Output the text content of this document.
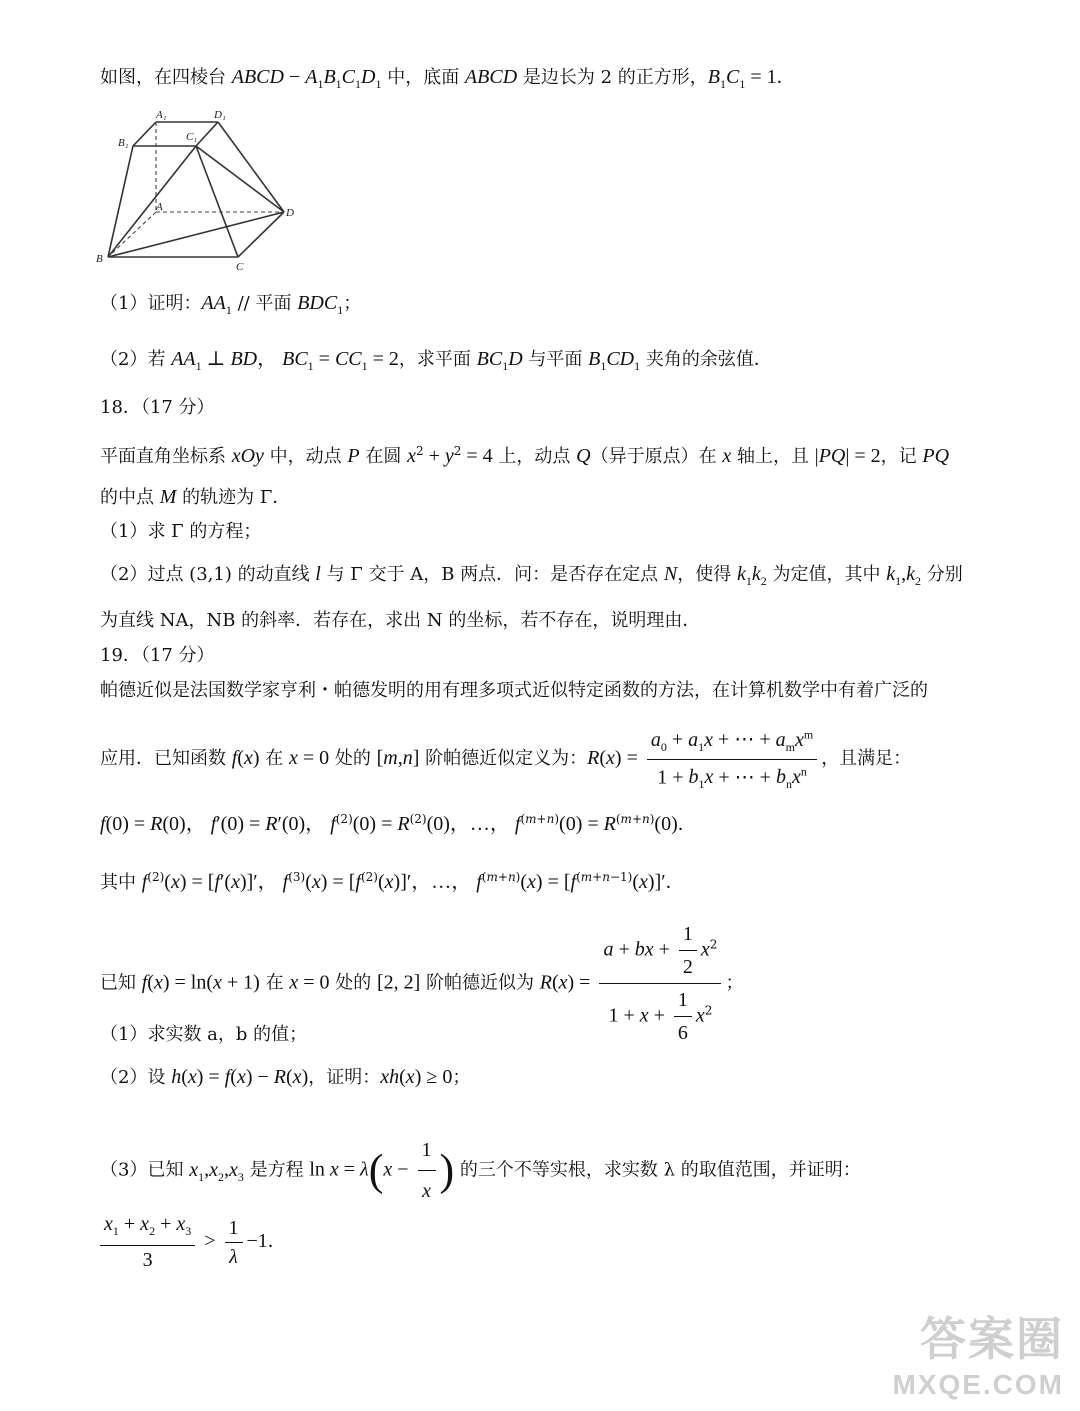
如图，在四棱台 ABCD − $A_1B_1C_1D_1$ 中，底面 ABCD 是边长为 2 的正方形，$B_1C_1 = 1$．
A₁	D₁
B₁	C₁
A
B
C
D
（1）证明：$AA_1$ // 平面 $BDC_1$；
（2）若 $AA_1$ ⊥ BD， $BC_1 = CC_1 = 2$，求平面 $BC_1D$ 与平面 $B_1CD_1$ 夹角的余弦值．
18．（17 分）
平面直角坐标系 xOy 中，动点 P 在圆 $x^2 + y^2 = 4$ 上，动点 Q（异于原点）在 x 轴上，且 |PQ| = 2，记 PQ
的中点 M 的轨迹为 Γ．
（1）求 Γ 的方程；
（2）过点 (3,1) 的动直线 l 与 Γ 交于 A，B 两点．问：是否存在定点 N，使得 $k_1k_2$ 为定值，其中 $k_1,k_2$ 分别
为直线 NA，NB 的斜率．若存在，求出 N 的坐标，若不存在，说明理由．
19．（17 分）
帕德近似是法国数学家亨利・帕德发明的用有理多项式近似特定函数的方法，在计算机数学中有着广泛的
应用．已知函数 f(x) 在 x = 0 处的 [m,n] 阶帕德近似定义为：$R(x) = \frac{a_0 + a_1x + \cdots + a_mx^m}{1 + b_1x + \cdots + b_nx^n}$ ，且满足：
f(0) = R(0)， f′(0) = R′(0)， $f^{(2)}(0) = R^{(2)}(0)$，…， $f^{(m+n)}(0) = R^{(m+n)}(0)$．
其中 $f^{(2)}(x) = [f'(x)]'$， $f^{(3)}(x) = [f^{(2)}(x)]'$，…， $f^{(m+n)}(x) = [f^{(m+n-1)}(x)]'$．
已知 f(x) = ln(x + 1) 在 x = 0 处的 [2, 2] 阶帕德近似为 $R(x) = \frac{a + bx + \frac{1}{2} x^2}{1 + x + \frac{1}{6} x^2}$ ；
（1）求实数 a，b 的值；
（2）设 h(x) = f(x) − R(x)，证明：xh(x) ≥ 0；
（3）已知 $x_1,x_2,x_3$ 是方程 $\ln x = \lambda(x - \frac{1}{x}$ ) 的三个不等实根，求实数 λ 的取值范围，并证明：
$\frac{x_1 + x_2 + x_3}{3} > \frac{1}{\lambda} -1$．
答案圈
MXQE.COM
